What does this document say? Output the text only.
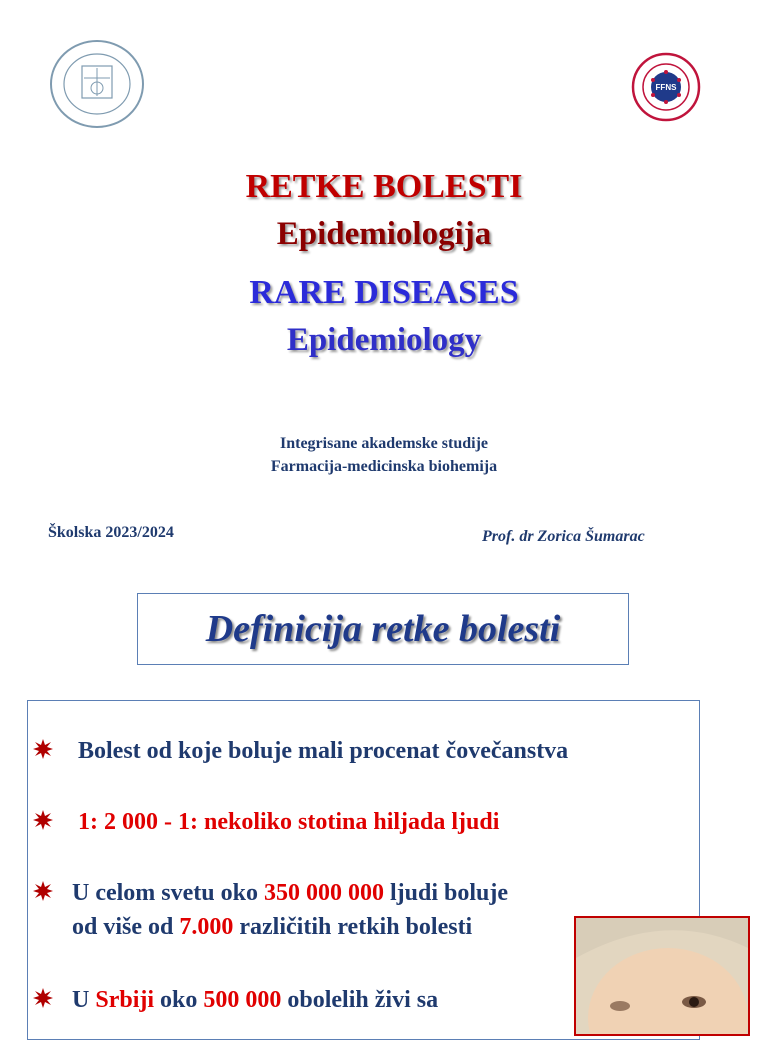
FFNS
RETKE BOLESTI
Epidemiologija
RARE DISEASES
Epidemiology
Integrisane akademske studije
Farmacija-medicinska biohemija
Školska 2023/2024	Prof. dr Zorica Šumarac
Definicija retke bolesti
Bolest od koje boluje mali procenat čovečanstva
1: 2 000 - 1: nekoliko stotina hiljada ljudi
U celom svetu oko 350 000 000 ljudi boluje
od više od 7.000 različitih retkih bolesti
U Srbiji oko 500 000 obolelih živi sa
